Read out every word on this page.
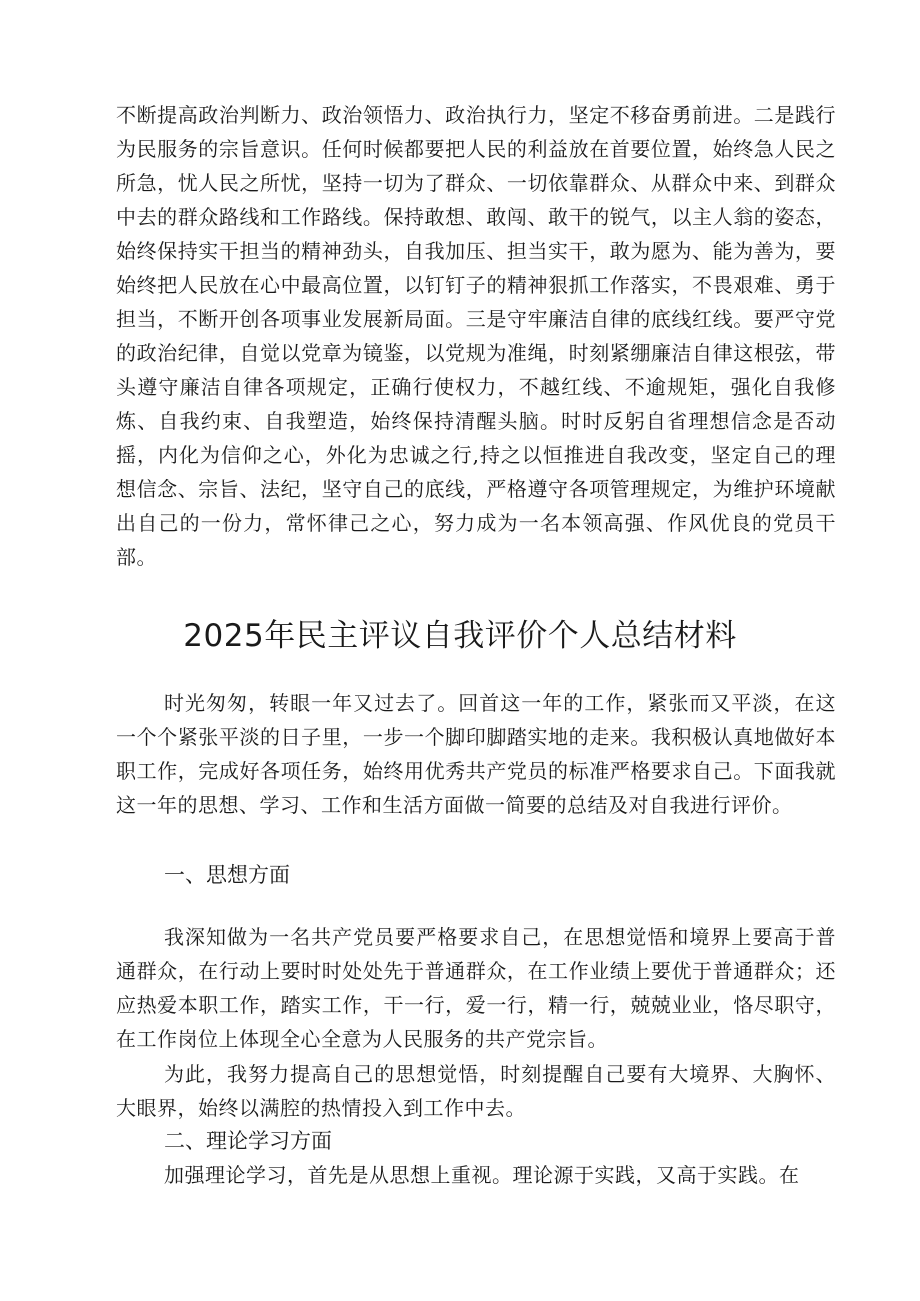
不断提高政治判断力、政治领悟力、政治执行力，坚定不移奋勇前进。二是践行为民服务的宗旨意识。任何时候都要把人民的利益放在首要位置，始终急人民之所急，忧人民之所忧，坚持一切为了群众、一切依靠群众、从群众中来、到群众中去的群众路线和工作路线。保持敢想、敢闯、敢干的锐气，以主人翁的姿态，始终保持实干担当的精神劲头，自我加压、担当实干，敢为愿为、能为善为，要始终把人民放在心中最高位置，以钉钉子的精神狠抓工作落实，不畏艰难、勇于担当，不断开创各项事业发展新局面。三是守牢廉洁自律的底线红线。要严守党的政治纪律，自觉以党章为镜鉴，以党规为准绳，时刻紧绷廉洁自律这根弦，带头遵守廉洁自律各项规定，正确行使权力，不越红线、不逾规矩，强化自我修炼、自我约束、自我塑造，始终保持清醒头脑。时时反躬自省理想信念是否动摇，内化为信仰之心，外化为忠诚之行,持之以恒推进自我改变，坚定自己的理想信念、宗旨、法纪，坚守自己的底线，严格遵守各项管理规定，为维护环境献出自己的一份力，常怀律己之心，努力成为一名本领高强、作风优良的党员干部。

2025年民主评议自我评价个人总结材料

时光匆匆，转眼一年又过去了。回首这一年的工作，紧张而又平淡，在这一个个紧张平淡的日子里，一步一个脚印脚踏实地的走来。我积极认真地做好本职工作，完成好各项任务，始终用优秀共产党员的标准严格要求自己。下面我就这一年的思想、学习、工作和生活方面做一简要的总结及对自我进行评价。

一、思想方面

我深知做为一名共产党员要严格要求自己，在思想觉悟和境界上要高于普通群众，在行动上要时时处处先于普通群众，在工作业绩上要优于普通群众；还应热爱本职工作，踏实工作，干一行，爱一行，精一行，兢兢业业，恪尽职守，在工作岗位上体现全心全意为人民服务的共产党宗旨。

为此，我努力提高自己的思想觉悟，时刻提醒自己要有大境界、大胸怀、大眼界，始终以满腔的热情投入到工作中去。

二、理论学习方面

加强理论学习，首先是从思想上重视。理论源于实践，又高于实践。在
